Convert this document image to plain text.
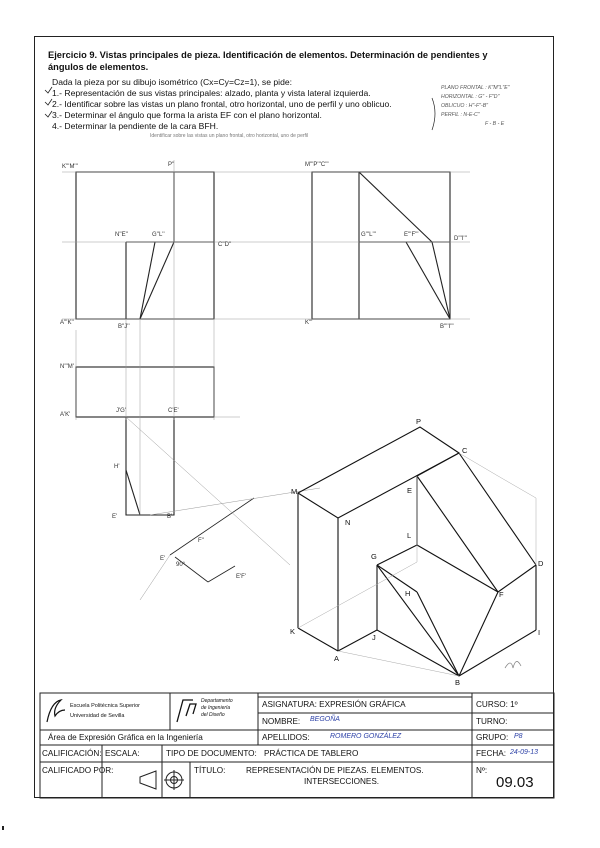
Ejercicio 9. Vistas principales de pieza. Identificación de elementos. Determinación de pendientes y ángulos de elementos.
Dada la pieza por su dibujo isométrico (Cx=Cy=Cz=1), se pide:
1.- Representación de sus vistas principales: alzado, planta y vista lateral izquierda.
2.- Identificar sobre las vistas un plano frontal, otro horizontal, uno de perfil y uno oblicuo.
3.- Determinar el ángulo que forma la arista EF con el plano horizontal.
4.- Determinar la pendiente de la cara BFH.
Identificar sobre las vistas un plano frontal, otro horizontal, uno de perfil
PLANO FRONTAL : K"M"L"E"
HORIZONTAL : G" - F"D"
OBLICUO : H"-F"-B"
PERFIL : N-E-C"
F - B - E
P
C
M	E
N
L
G
D
H	F
K
J
I
A
B
K'''M'''	P''
N''E''	G''L''
C''D''
A'''K''
B''J''
M'''P'''C'''
G'''L'''	E'''F'''
D'''I'''
K'''
B''''I'''
N'''M'
A'K'
J'G'	C'E'
H'
E'	B'
E'
F''
90°
E'F'
Escuela Politécnica Superior
Universidad de Sevilla
Departamento
de Ingeniería
del Diseño
Área de Expresión Gráfica en la Ingeniería
ASIGNATURA: EXPRESIÓN GRÁFICA
NOMBRE: BEGOÑA
APELLIDOS:	ROMERO GONZÁLEZ
CURSO: 1º
TURNO:
GRUPO: P8
CALIFICACIÓN: ESCALA:	TIPO DE DOCUMENTO: PRÁCTICA DE TABLERO	FECHA: 24-09-13
CALIFICADO POR:	TÍTULO:	REPRESENTACIÓN DE PIEZAS. ELEMENTOS.
INTERSECCIONES.
Nº:
09.03
